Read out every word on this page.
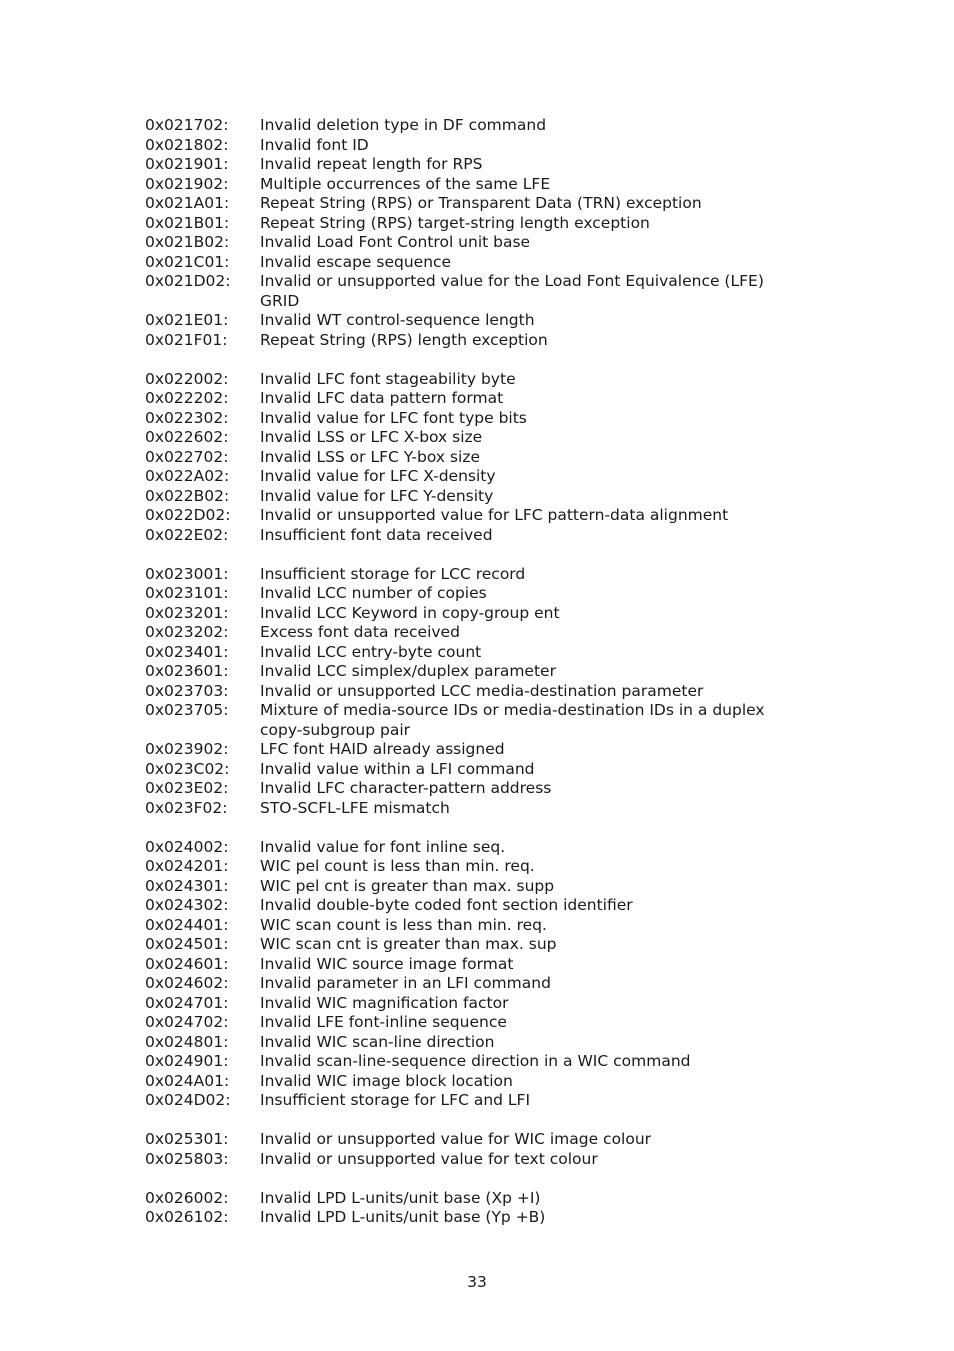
0x021702:	Invalid deletion type in DF command
0x021802:	Invalid font ID
0x021901:	Invalid repeat length for RPS
0x021902:	Multiple occurrences of the same LFE
0x021A01:	Repeat String (RPS) or Transparent Data (TRN) exception
0x021B01:	Repeat String (RPS) target-string length exception
0x021B02:	Invalid Load Font Control unit base
0x021C01:	Invalid escape sequence
0x021D02:	Invalid or unsupported value for the Load Font Equivalence (LFE) GRID
0x021E01:	Invalid WT control-sequence length
0x021F01:	Repeat String (RPS) length exception
0x022002:	Invalid LFC font stageability byte
0x022202:	Invalid LFC data pattern format
0x022302:	Invalid value for LFC font type bits
0x022602:	Invalid LSS or LFC X-box size
0x022702:	Invalid LSS or LFC Y-box size
0x022A02:	Invalid value for LFC X-density
0x022B02:	Invalid value for LFC Y-density
0x022D02:	Invalid or unsupported value for LFC pattern-data alignment
0x022E02:	Insufficient font data received
0x023001:	Insufficient storage for LCC record
0x023101:	Invalid LCC number of copies
0x023201:	Invalid LCC Keyword in copy-group ent
0x023202:	Excess font data received
0x023401:	Invalid LCC entry-byte count
0x023601:	Invalid LCC simplex/duplex parameter
0x023703:	Invalid or unsupported LCC media-destination parameter
0x023705:	Mixture of media-source IDs or media-destination IDs in a duplex copy-subgroup pair
0x023902:	LFC font HAID already assigned
0x023C02:	Invalid value within a LFI command
0x023E02:	Invalid LFC character-pattern address
0x023F02:	STO-SCFL-LFE mismatch
0x024002:	Invalid value for font inline seq.
0x024201:	WIC pel count is less than min. req.
0x024301:	WIC pel cnt is greater than max. supp
0x024302:	Invalid double-byte coded font section identifier
0x024401:	WIC scan count is less than min. req.
0x024501:	WIC scan cnt is greater than max. sup
0x024601:	Invalid WIC source image format
0x024602:	Invalid parameter in an LFI command
0x024701:	Invalid WIC magnification factor
0x024702:	Invalid LFE font-inline sequence
0x024801:	Invalid WIC scan-line direction
0x024901:	Invalid scan-line-sequence direction in a WIC command
0x024A01:	Invalid WIC image block location
0x024D02:	Insufficient storage for LFC and LFI
0x025301:	Invalid or unsupported value for WIC image colour
0x025803:	Invalid or unsupported value for text colour
0x026002:	Invalid LPD L-units/unit base (Xp +I)
0x026102:	Invalid LPD L-units/unit base (Yp +B)
33
